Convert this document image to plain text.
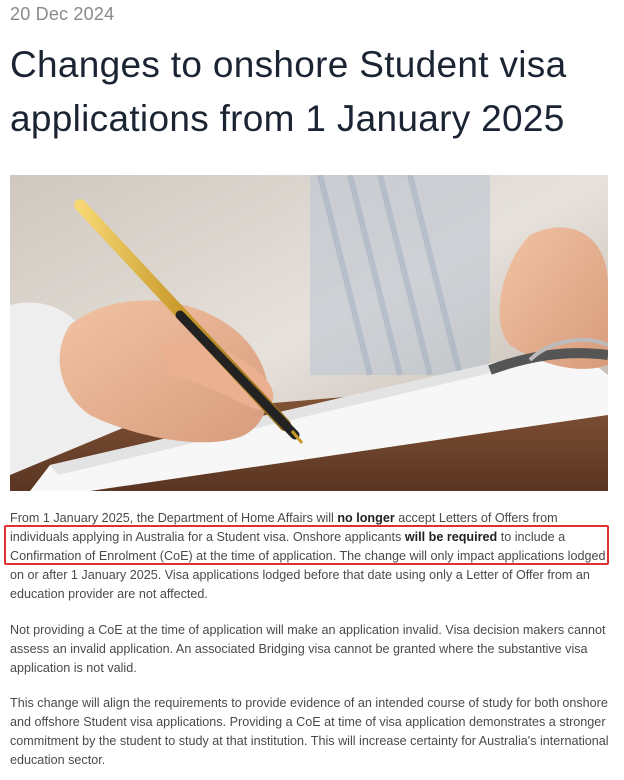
20 Dec 2024
Changes to onshore Student visa applications from 1 January 2025

From 1 January 2025, the Department of Home Affairs will no longer accept Letters of Offers from individuals applying in Australia for a Student visa. Onshore applicants will be required to include a Confirmation of Enrolment (CoE) at the time of application. The change will only impact applications lodged on or after 1 January 2025. Visa applications lodged before that date using only a Letter of Offer from an education provider are not affected.

Not providing a CoE at the time of application will make an application invalid. Visa decision makers cannot assess an invalid application. An associated Bridging visa cannot be granted where the substantive visa application is not valid.

This change will align the requirements to provide evidence of an intended course of study for both onshore and offshore Student visa applications. Providing a CoE at time of visa application demonstrates a stronger commitment by the student to study at that institution. This will increase certainty for Australia's international education sector.
